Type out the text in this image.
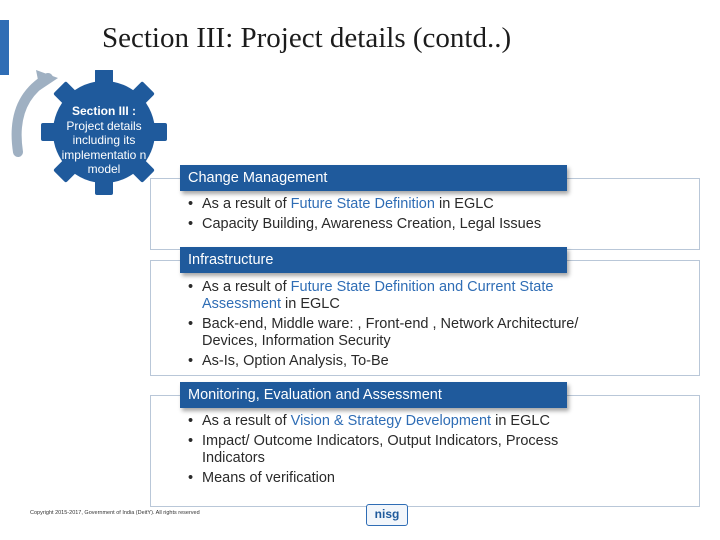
Section III: Project details (contd..)
Section III :
Project details including its implementatio n model
Change Management
• As a result of Future State Definition in EGLC
• Capacity Building, Awareness Creation, Legal Issues
Infrastructure
• As a result of Future State Definition and Current State Assessment in EGLC
• Back-end, Middle ware: , Front-end , Network Architecture/ Devices, Information Security
• As-Is, Option Analysis, To-Be
Monitoring, Evaluation and Assessment
• As a result of Vision & Strategy Development in EGLC
• Impact/ Outcome Indicators, Output Indicators, Process Indicators
• Means of verification
Copyright 2015-2017, Government of India (DeitY). All rights reserved	nisg
